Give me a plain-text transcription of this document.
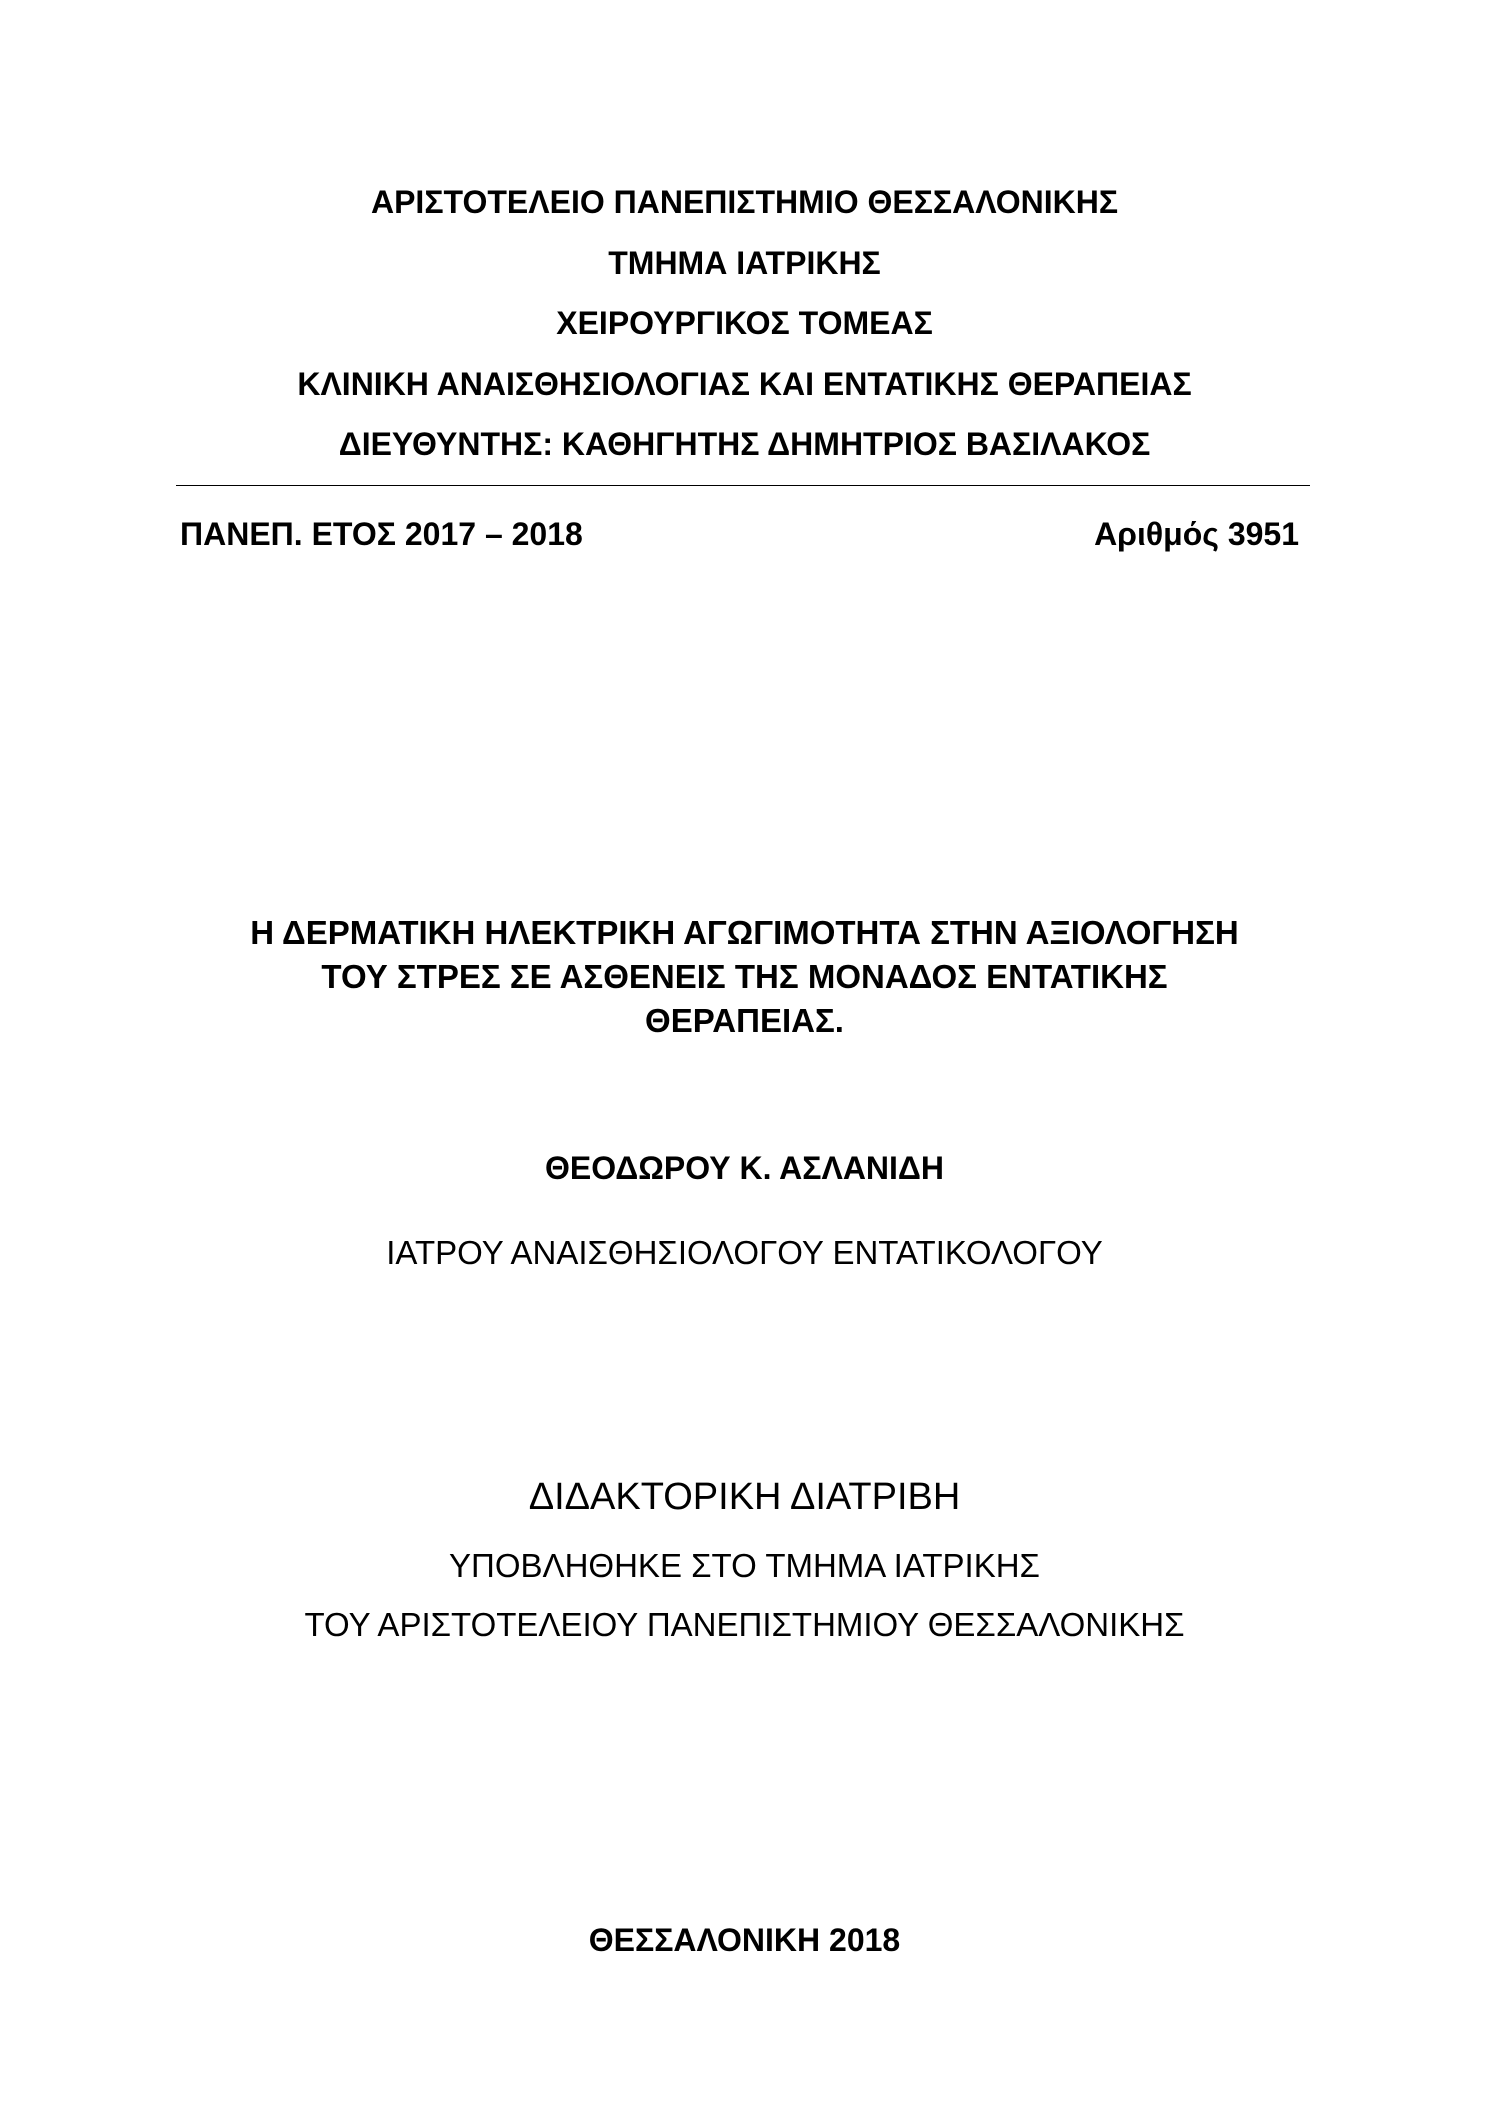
ΑΡΙΣΤΟΤΕΛΕΙΟ ΠΑΝΕΠΙΣΤΗΜΙΟ ΘΕΣΣΑΛΟΝΙΚΗΣ
ΤΜΗΜΑ ΙΑΤΡΙΚΗΣ
ΧΕΙΡΟΥΡΓΙΚΟΣ ΤΟΜΕΑΣ
ΚΛΙΝΙΚΗ ΑΝΑΙΣΘΗΣΙΟΛΟΓΙΑΣ ΚΑΙ ΕΝΤΑΤΙΚΗΣ ΘΕΡΑΠΕΙΑΣ
ΔΙΕΥΘΥΝΤΗΣ: ΚΑΘΗΓΗΤΗΣ ΔΗΜΗΤΡΙΟΣ ΒΑΣΙΛΑΚΟΣ
ΠΑΝΕΠ. ΕΤΟΣ 2017 – 2018	Αριθμός 3951
Η ΔΕΡΜΑΤΙΚΗ ΗΛΕΚΤΡΙΚΗ ΑΓΩΓΙΜΟΤΗΤΑ ΣΤΗΝ ΑΞΙΟΛΟΓΗΣΗ
ΤΟΥ ΣΤΡΕΣ ΣΕ ΑΣΘΕΝΕΙΣ ΤΗΣ ΜΟΝΑΔΟΣ ΕΝΤΑΤΙΚΗΣ
ΘΕΡΑΠΕΙΑΣ.
ΘΕΟΔΩΡΟΥ Κ. ΑΣΛΑΝΙΔΗ
ΙΑΤΡΟΥ ΑΝΑΙΣΘΗΣΙΟΛΟΓΟΥ ΕΝΤΑΤΙΚΟΛΟΓΟΥ
ΔΙΔΑΚΤΟΡΙΚΗ ΔΙΑΤΡΙΒΗ
ΥΠΟΒΛΗΘΗΚΕ ΣΤΟ ΤΜΗΜΑ ΙΑΤΡΙΚΗΣ
ΤΟΥ ΑΡΙΣΤΟΤΕΛΕΙΟΥ ΠΑΝΕΠΙΣΤΗΜΙΟΥ ΘΕΣΣΑΛΟΝΙΚΗΣ
ΘΕΣΣΑΛΟΝΙΚΗ 2018
